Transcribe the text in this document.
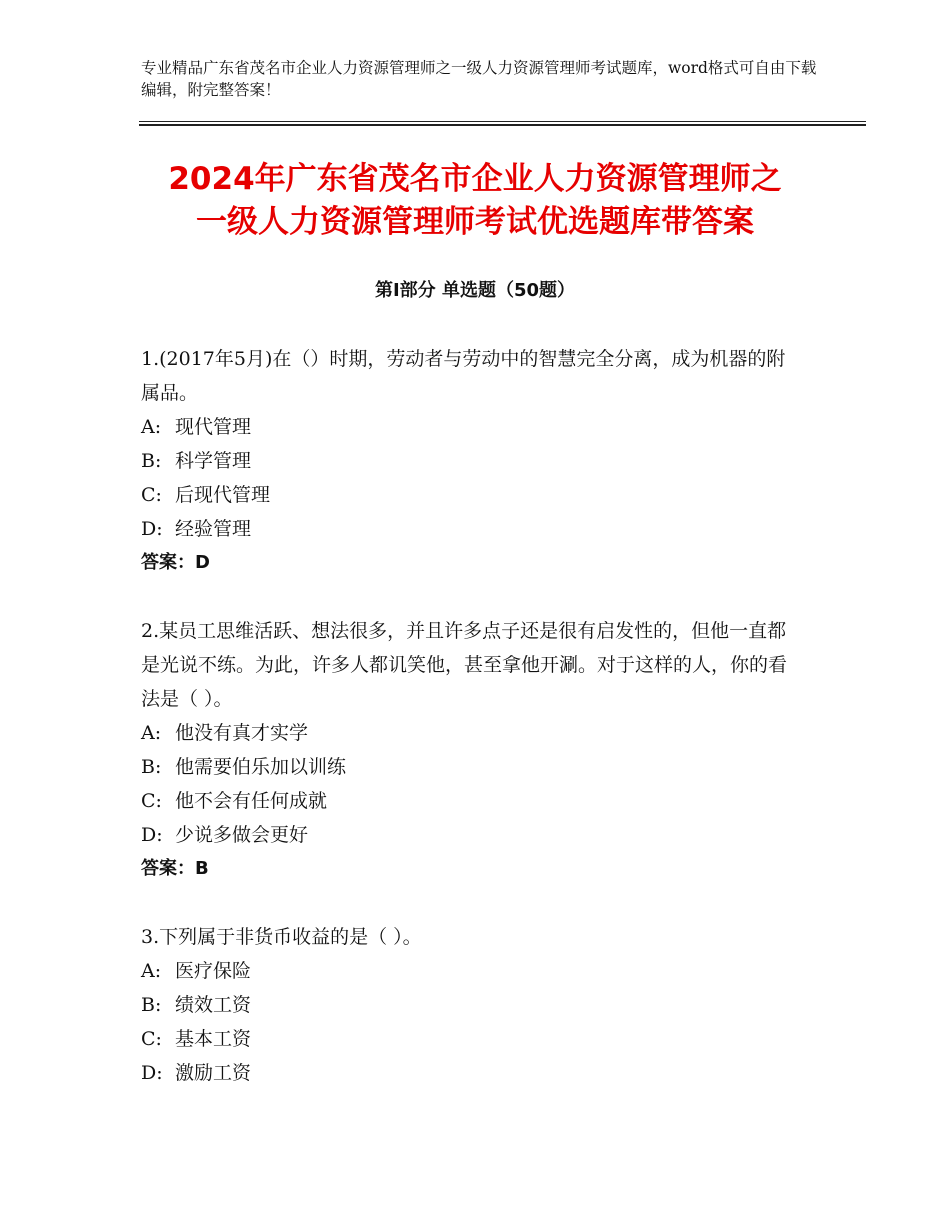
专业精品广东省茂名市企业人力资源管理师之一级人力资源管理师考试题库，word格式可自由下载编辑，附完整答案！
2024年广东省茂名市企业人力资源管理师之
一级人力资源管理师考试优选题库带答案
第Ⅰ部分 单选题（50题）
1.(2017年5月)在（）时期，劳动者与劳动中的智慧完全分离，成为机器的附属品。
A: 现代管理
B: 科学管理
C: 后现代管理
D: 经验管理
答案：D
2.某员工思维活跃、想法很多，并且许多点子还是很有启发性的，但他一直都是光说不练。为此，许多人都讥笑他，甚至拿他开涮。对于这样的人，你的看法是（ ）。
A: 他没有真才实学
B: 他需要伯乐加以训练
C: 他不会有任何成就
D: 少说多做会更好
答案：B
3.下列属于非货币收益的是（ ）。
A: 医疗保险
B: 绩效工资
C: 基本工资
D: 激励工资
